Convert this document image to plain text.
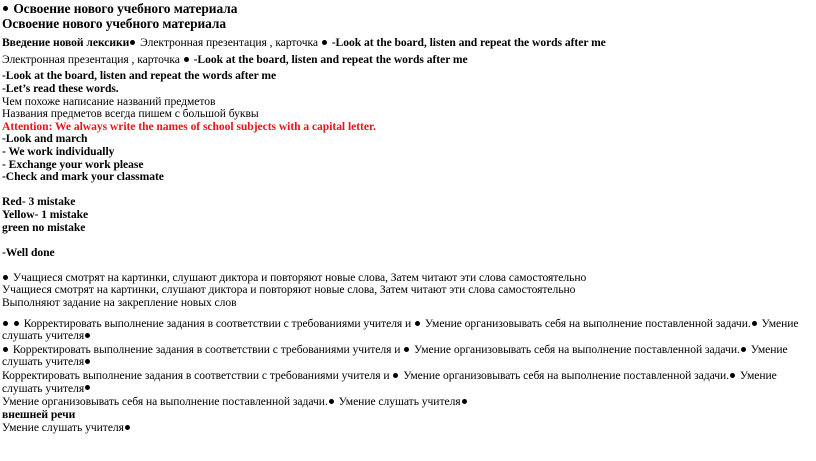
Освоение нового учебного материала
Освоение нового учебного материала
Введение новой лексики Электронная презентация , карточка  -Look at the board, listen and repeat the words after me
Электронная презентация , карточка  -Look at the board, listen and repeat the words after me
-Look at the board, listen and repeat the words after me
-Let’s read these words.
Чем похоже написание названий предметов
Названия предметов всегда пишем с большой буквы
Attention: We always write the names of school subjects with a capital letter.
-Look and march
- We work individually
- Exchange your work please
-Check and mark your classmate
Red- 3 mistake
Yellow- 1 mistake
green no mistake
-Well done
Учащиеся смотрят на картинки, слушают диктора и повторяют новые слова, Затем читают эти слова самостоятельно
Учащиеся смотрят на картинки, слушают диктора и повторяют новые слова, Затем читают эти слова самостоятельно
Выполняют задание на закрепление новых слов
Корректировать выполнение задания в соответствии с требованиями учителя и  Умение организовывать себя на выполнение поставленной задачи. Умение слушать учителя
Корректировать выполнение задания в соответствии с требованиями учителя и  Умение организовывать себя на выполнение поставленной задачи. Умение слушать учителя
Корректировать выполнение задания в соответствии с требованиями учителя и  Умение организовывать себя на выполнение поставленной задачи. Умение слушать учителя
Умение организовывать себя на выполнение поставленной задачи. Умение слушать учителя
внешней речи
Умение слушать учителя
